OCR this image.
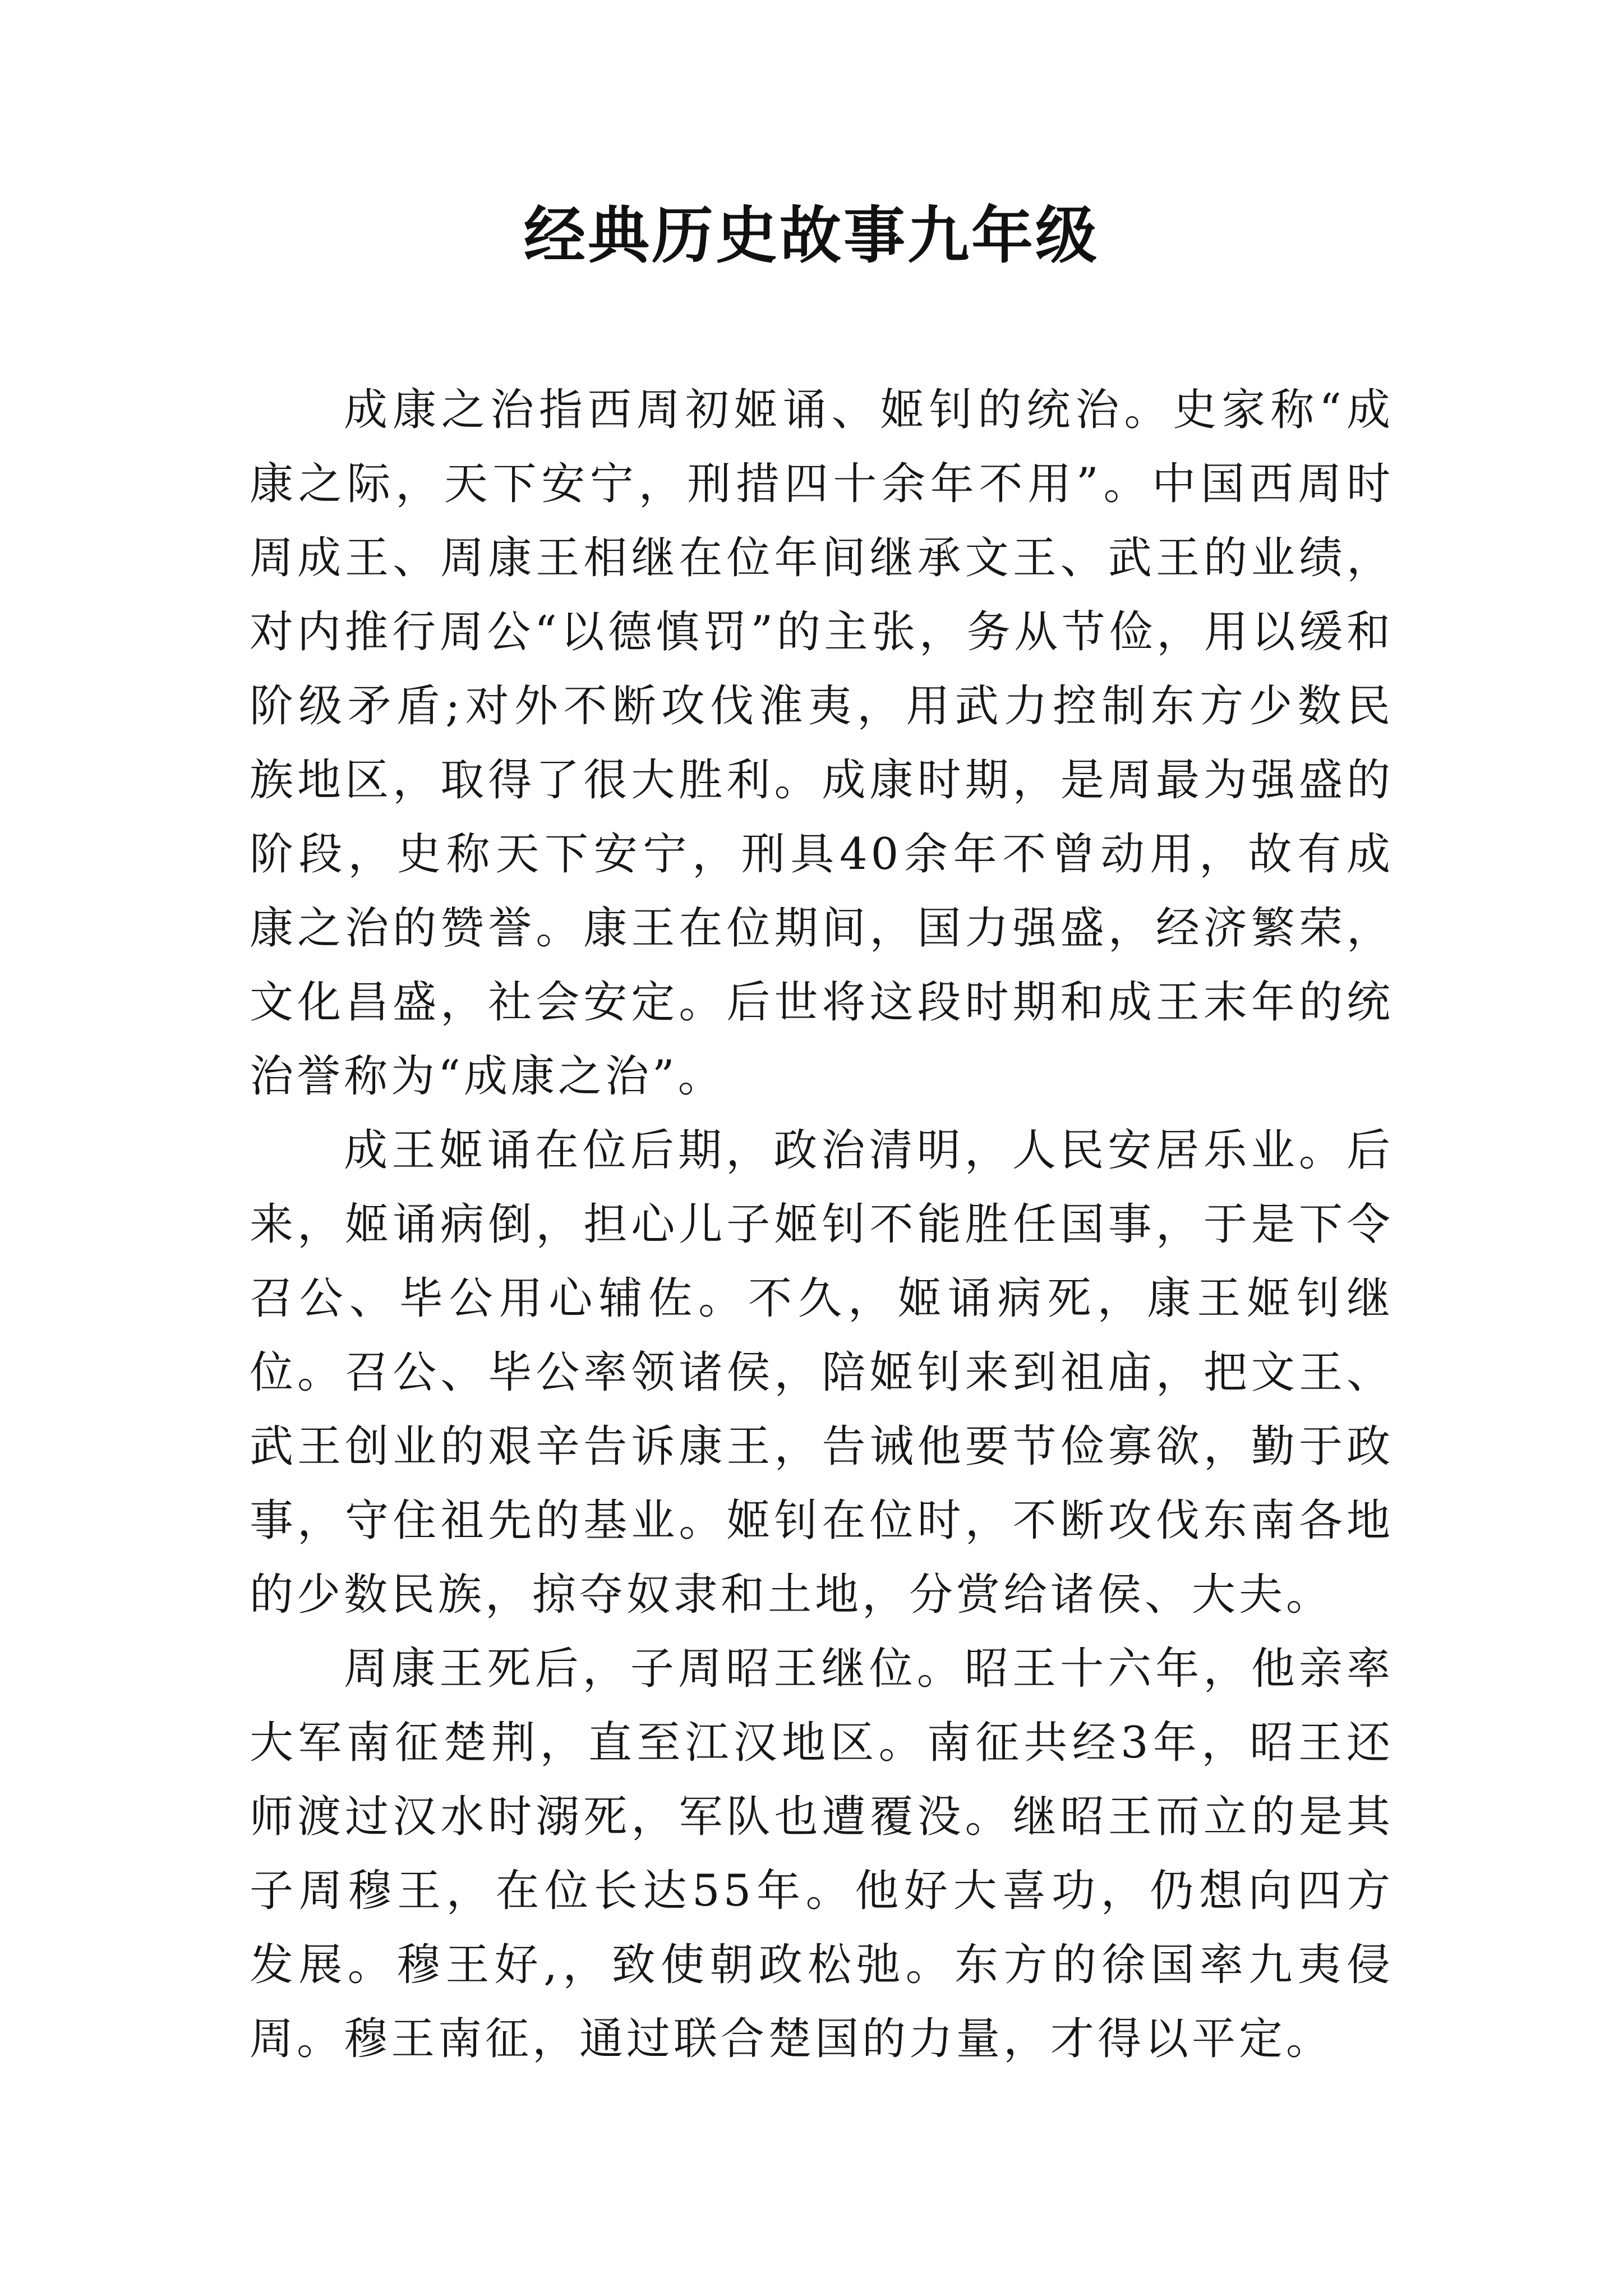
经典历史故事九年级

成康之治指西周初姬诵、姬钊的统治。史家称“成康之际，天下安宁，刑措四十余年不用”。中国西周时周成王、周康王相继在位年间继承文王、武王的业绩，对内推行周公“以德慎罚”的主张，务从节俭，用以缓和阶级矛盾;对外不断攻伐淮夷，用武力控制东方少数民族地区，取得了很大胜利。成康时期，是周最为强盛的阶段，史称天下安宁，刑具40余年不曾动用，故有成康之治的赞誉。康王在位期间，国力强盛，经济繁荣，文化昌盛，社会安定。后世将这段时期和成王末年的统治誉称为“成康之治”。

成王姬诵在位后期，政治清明，人民安居乐业。后来，姬诵病倒，担心儿子姬钊不能胜任国事，于是下令召公、毕公用心辅佐。不久，姬诵病死，康王姬钊继位。召公、毕公率领诸侯，陪姬钊来到祖庙，把文王、武王创业的艰辛告诉康王，告诫他要节俭寡欲，勤于政事，守住祖先的基业。姬钊在位时，不断攻伐东南各地的少数民族，掠夺奴隶和土地，分赏给诸侯、大夫。

周康王死后，子周昭王继位。昭王十六年，他亲率大军南征楚荆，直至江汉地区。南征共经3年，昭王还师渡过汉水时溺死，军队也遭覆没。继昭王而立的是其子周穆王，在位长达55年。他好大喜功，仍想向四方发展。穆王好,，致使朝政松弛。东方的徐国率九夷侵周。穆王南征，通过联合楚国的力量，才得以平定。
